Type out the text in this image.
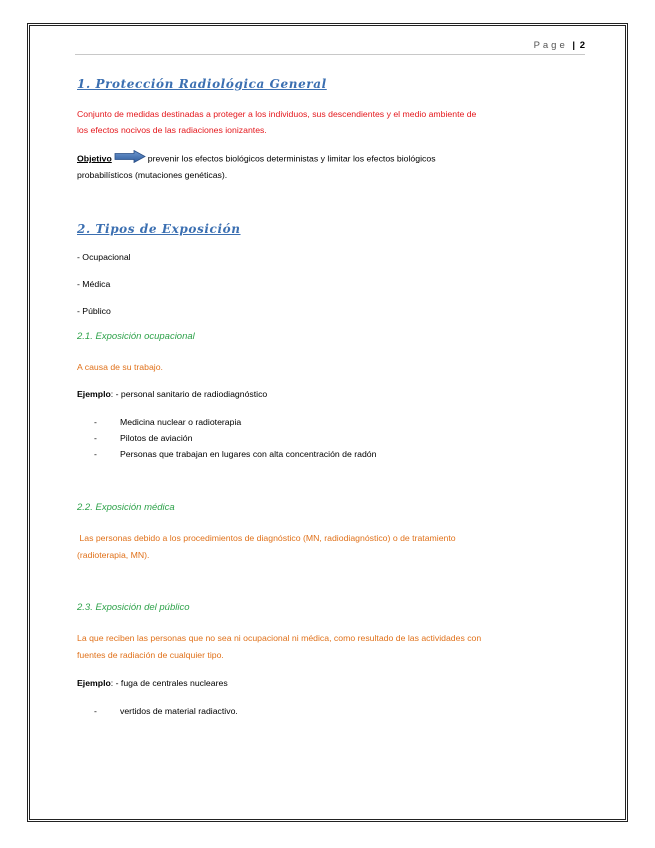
Page | 2
1. Protección Radiológica General
Conjunto de medidas destinadas a proteger a los individuos, sus descendientes y el medio ambiente de
los efectos nocivos de las radiaciones ionizantes.
Objetivo	prevenir los efectos biológicos deterministas y limitar los efectos biológicos
probabilísticos (mutaciones genéticas).
2. Tipos de Exposición
- Ocupacional
- Médica
- Público
2.1. Exposición ocupacional
A causa de su trabajo.
Ejemplo: - personal sanitario de radiodiagnóstico
-	Medicina nuclear o radioterapia
-	Pilotos de aviación
-	Personas que trabajan en lugares con alta concentración de radón
2.2. Exposición médica
Las personas debido a los procedimientos de diagnóstico (MN, radiodiagnóstico) o de tratamiento
(radioterapia, MN).
2.3. Exposición del público
La que reciben las personas que no sea ni ocupacional ni médica, como resultado de las actividades con
fuentes de radiación de cualquier tipo.
Ejemplo: - fuga de centrales nucleares
-	vertidos de material radiactivo.
